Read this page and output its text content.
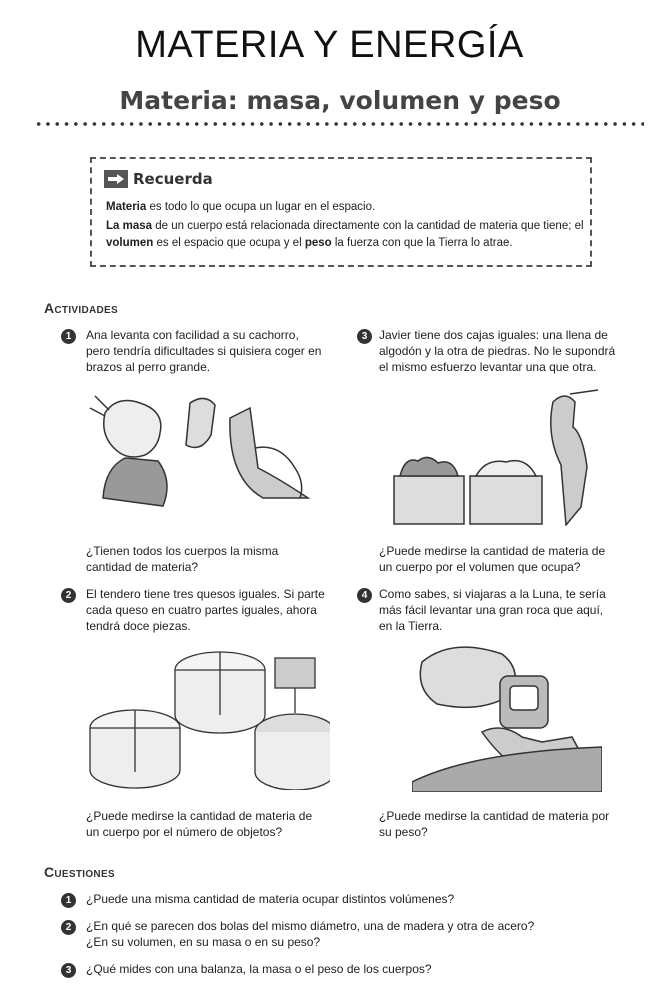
MATERIA Y ENERGÍA
Materia: masa, volumen y peso
Recuerda
Materia es todo lo que ocupa un lugar en el espacio.
La masa de un cuerpo está relacionada directamente con la cantidad de materia que tiene; el volumen es el espacio que ocupa y el peso la fuerza con que la Tierra lo atrae.
Actividades
1	Ana levanta con facilidad a su cachorro, pero tendría dificultades si quisiera coger en brazos al perro grande.
¿Tienen todos los cuerpos la misma cantidad de materia?
3 Javier tiene dos cajas iguales: una llena de algodón y la otra de piedras. No le supondrá el mismo esfuerzo levantar una que otra.
¿Puede medirse la cantidad de materia de un cuerpo por el volumen que ocupa?
2	El tendero tiene tres quesos iguales. Si parte cada queso en cuatro partes iguales, ahora tendrá doce piezas.
¿Puede medirse la cantidad de materia de un cuerpo por el número de objetos?
4 Como sabes, si viajaras a la Luna, te sería más fácil levantar una gran roca que aquí, en la Tierra.
¿Puede medirse la cantidad de materia por su peso?
Cuestiones
1	¿Puede una misma cantidad de materia ocupar distintos volúmenes?
2	¿En qué se parecen dos bolas del mismo diámetro, una de madera y otra de acero? ¿En su volumen, en su masa o en su peso?
3	¿Qué mides con una balanza, la masa o el peso de los cuerpos?
